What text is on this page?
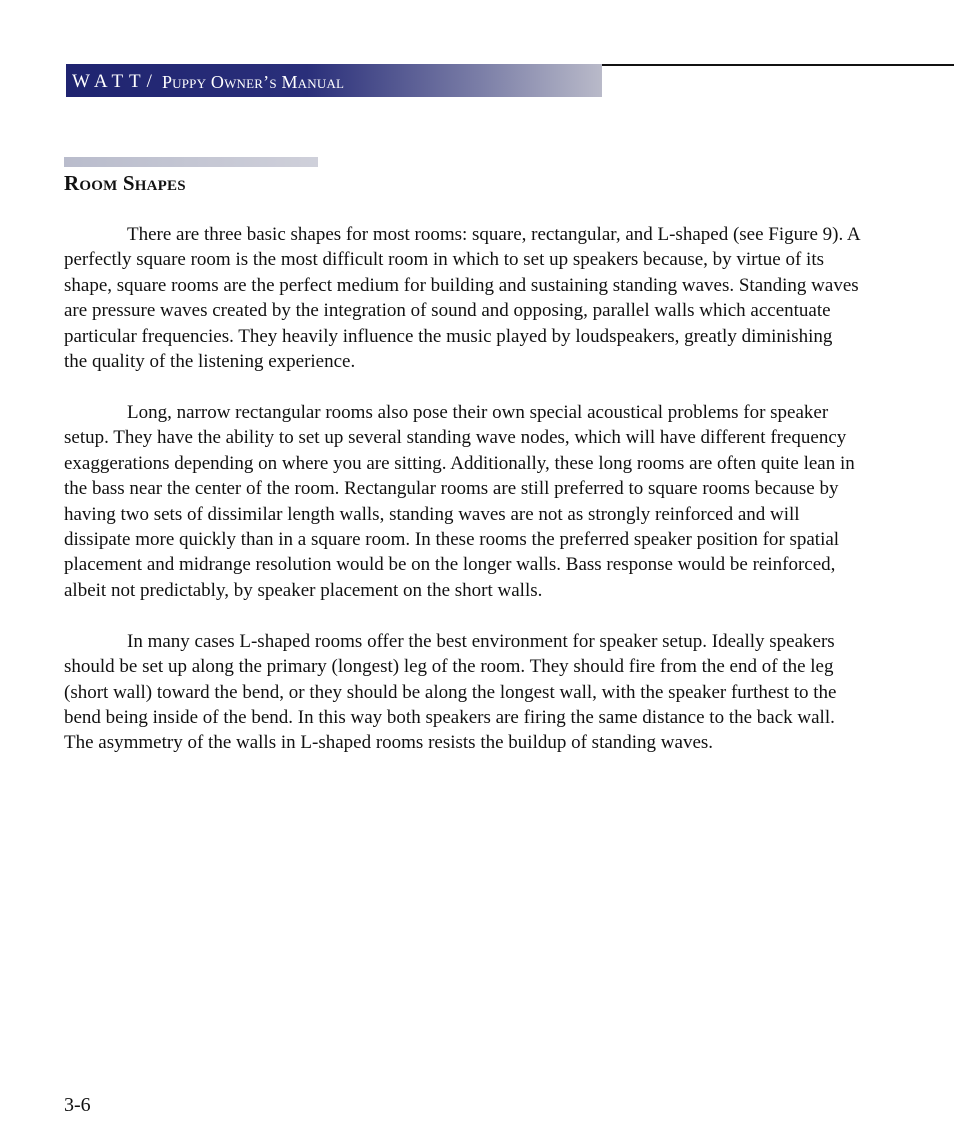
WATT / Puppy Owner’s Manual
Room Shapes

There are three basic shapes for most rooms: square, rectangular, and L-shaped (see Figure 9). A perfectly square room is the most difficult room in which to set up speakers because, by virtue of its shape, square rooms are the perfect medium for building and sustaining standing waves. Standing waves are pressure waves created by the integration of sound and opposing, parallel walls which accentuate particular frequencies. They heavily influence the music played by loudspeakers, greatly diminishing the quality of the listening experience.

Long, narrow rectangular rooms also pose their own special acoustical problems for speaker setup. They have the ability to set up several standing wave nodes, which will have different frequency exaggerations depending on where you are sitting. Additionally, these long rooms are often quite lean in the bass near the center of the room. Rectangular rooms are still preferred to square rooms because by having two sets of dissimilar length walls, standing waves are not as strongly reinforced and will dissipate more quickly than in a square room. In these rooms the preferred speaker position for spatial placement and midrange resolution would be on the longer walls. Bass response would be reinforced, albeit not predictably, by speaker placement on the short walls.

In many cases L-shaped rooms offer the best environment for speaker setup. Ideally speakers should be set up along the primary (longest) leg of the room. They should fire from the end of the leg (short wall) toward the bend, or they should be along the longest wall, with the speaker furthest to the bend being inside of the bend. In this way both speakers are firing the same distance to the back wall. The asymmetry of the walls in L-shaped rooms resists the buildup of standing waves.

3-6
